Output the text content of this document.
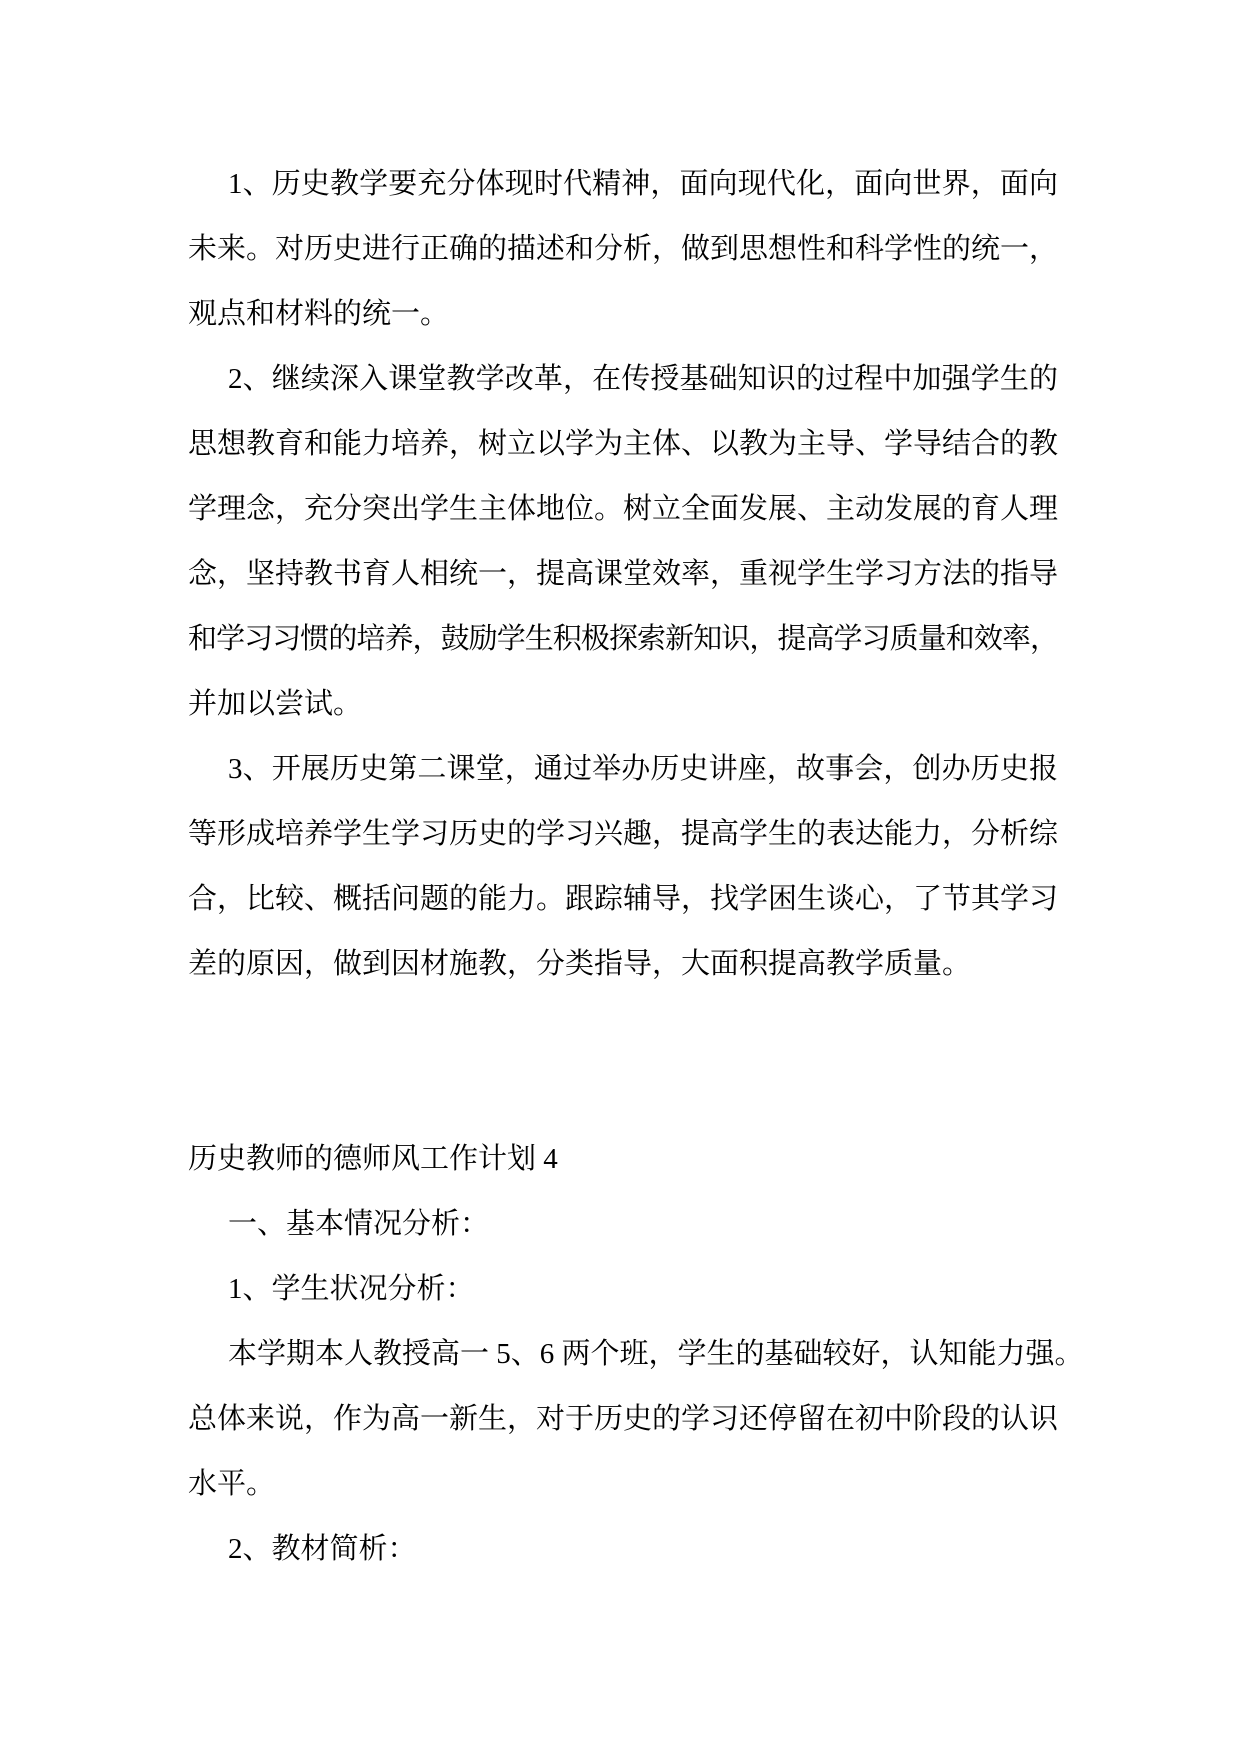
1、历史教学要充分体现时代精神，面向现代化，面向世界，面向
未来。对历史进行正确的描述和分析，做到思想性和科学性的统一，
观点和材料的统一。
2、继续深入课堂教学改革，在传授基础知识的过程中加强学生的
思想教育和能力培养，树立以学为主体、以教为主导、学导结合的教
学理念，充分突出学生主体地位。树立全面发展、主动发展的育人理
念，坚持教书育人相统一，提高课堂效率，重视学生学习方法的指导
和学习习惯的培养，鼓励学生积极探索新知识，提高学习质量和效率，
并加以尝试。
3、开展历史第二课堂，通过举办历史讲座，故事会，创办历史报
等形成培养学生学习历史的学习兴趣，提高学生的表达能力，分析综
合，比较、概括问题的能力。跟踪辅导，找学困生谈心，了节其学习
差的原因，做到因材施教，分类指导，大面积提高教学质量。
历史教师的德师风工作计划 4
一、基本情况分析：
1、学生状况分析：
本学期本人教授高一 5、6 两个班，学生的基础较好，认知能力强。
总体来说，作为高一新生，对于历史的学习还停留在初中阶段的认识
水平。
2、教材简析：
